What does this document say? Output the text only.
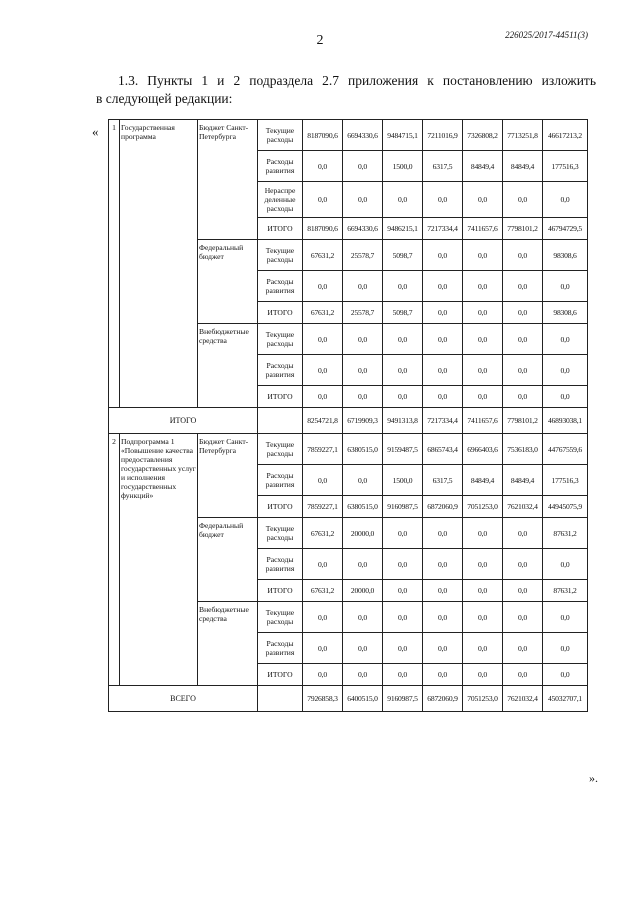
2	226025/2017-44511(3)
1.3. Пункты 1 и 2 подраздела 2.7 приложения к постановлению изложить
в следующей редакции:
«
».
1	Государственная программа	Бюджет Санкт-Петербурга	Текущие расходы	8187090,6	6694330,6	9484715,1	7211016,9	7326808,2	7713251,8	46617213,2
			Расходы развития	0,0	0,0	1500,0	6317,5	84849,4	84849,4	177516,3
			Нераспре деленные расходы	0,0	0,0	0,0	0,0	0,0	0,0	0,0
			ИТОГО	8187090,6	6694330,6	9486215,1	7217334,4	7411657,6	7798101,2	46794729,5
		Федеральный бюджет	Текущие расходы	67631,2	25578,7	5098,7	0,0	0,0	0,0	98308,6
			Расходы развития	0,0	0,0	0,0	0,0	0,0	0,0	0,0
			ИТОГО	67631,2	25578,7	5098,7	0,0	0,0	0,0	98308,6
		Внебюджетные средства	Текущие расходы	0,0	0,0	0,0	0,0	0,0	0,0	0,0
			Расходы развития	0,0	0,0	0,0	0,0	0,0	0,0	0,0
			ИТОГО	0,0	0,0	0,0	0,0	0,0	0,0	0,0
ИТОГО				8254721,8	6719909,3	9491313,8	7217334,4	7411657,6	7798101,2	46893038,1
2	Подпрограмма 1 «Повышение качества предоставления государственных услуг и исполнения государственных функций»	Бюджет Санкт-Петербурга	Текущие расходы	7859227,1	6380515,0	9159487,5	6865743,4	6966403,6	7536183,0	44767559,6
			Расходы развития	0,0	0,0	1500,0	6317,5	84849,4	84849,4	177516,3
			ИТОГО	7859227,1	6380515,0	9160987,5	6872060,9	7051253,0	7621032,4	44945075,9
		Федеральный бюджет	Текущие расходы	67631,2	20000,0	0,0	0,0	0,0	0,0	87631,2
			Расходы развития	0,0	0,0	0,0	0,0	0,0	0,0	0,0
			ИТОГО	67631,2	20000,0	0,0	0,0	0,0	0,0	87631,2
		Внебюджетные средства	Текущие расходы	0,0	0,0	0,0	0,0	0,0	0,0	0,0
			Расходы развития	0,0	0,0	0,0	0,0	0,0	0,0	0,0
			ИТОГО	0,0	0,0	0,0	0,0	0,0	0,0	0,0
ВСЕГО				7926858,3	6400515,0	9160987,5	6872060,9	7051253,0	7621032,4	45032707,1
